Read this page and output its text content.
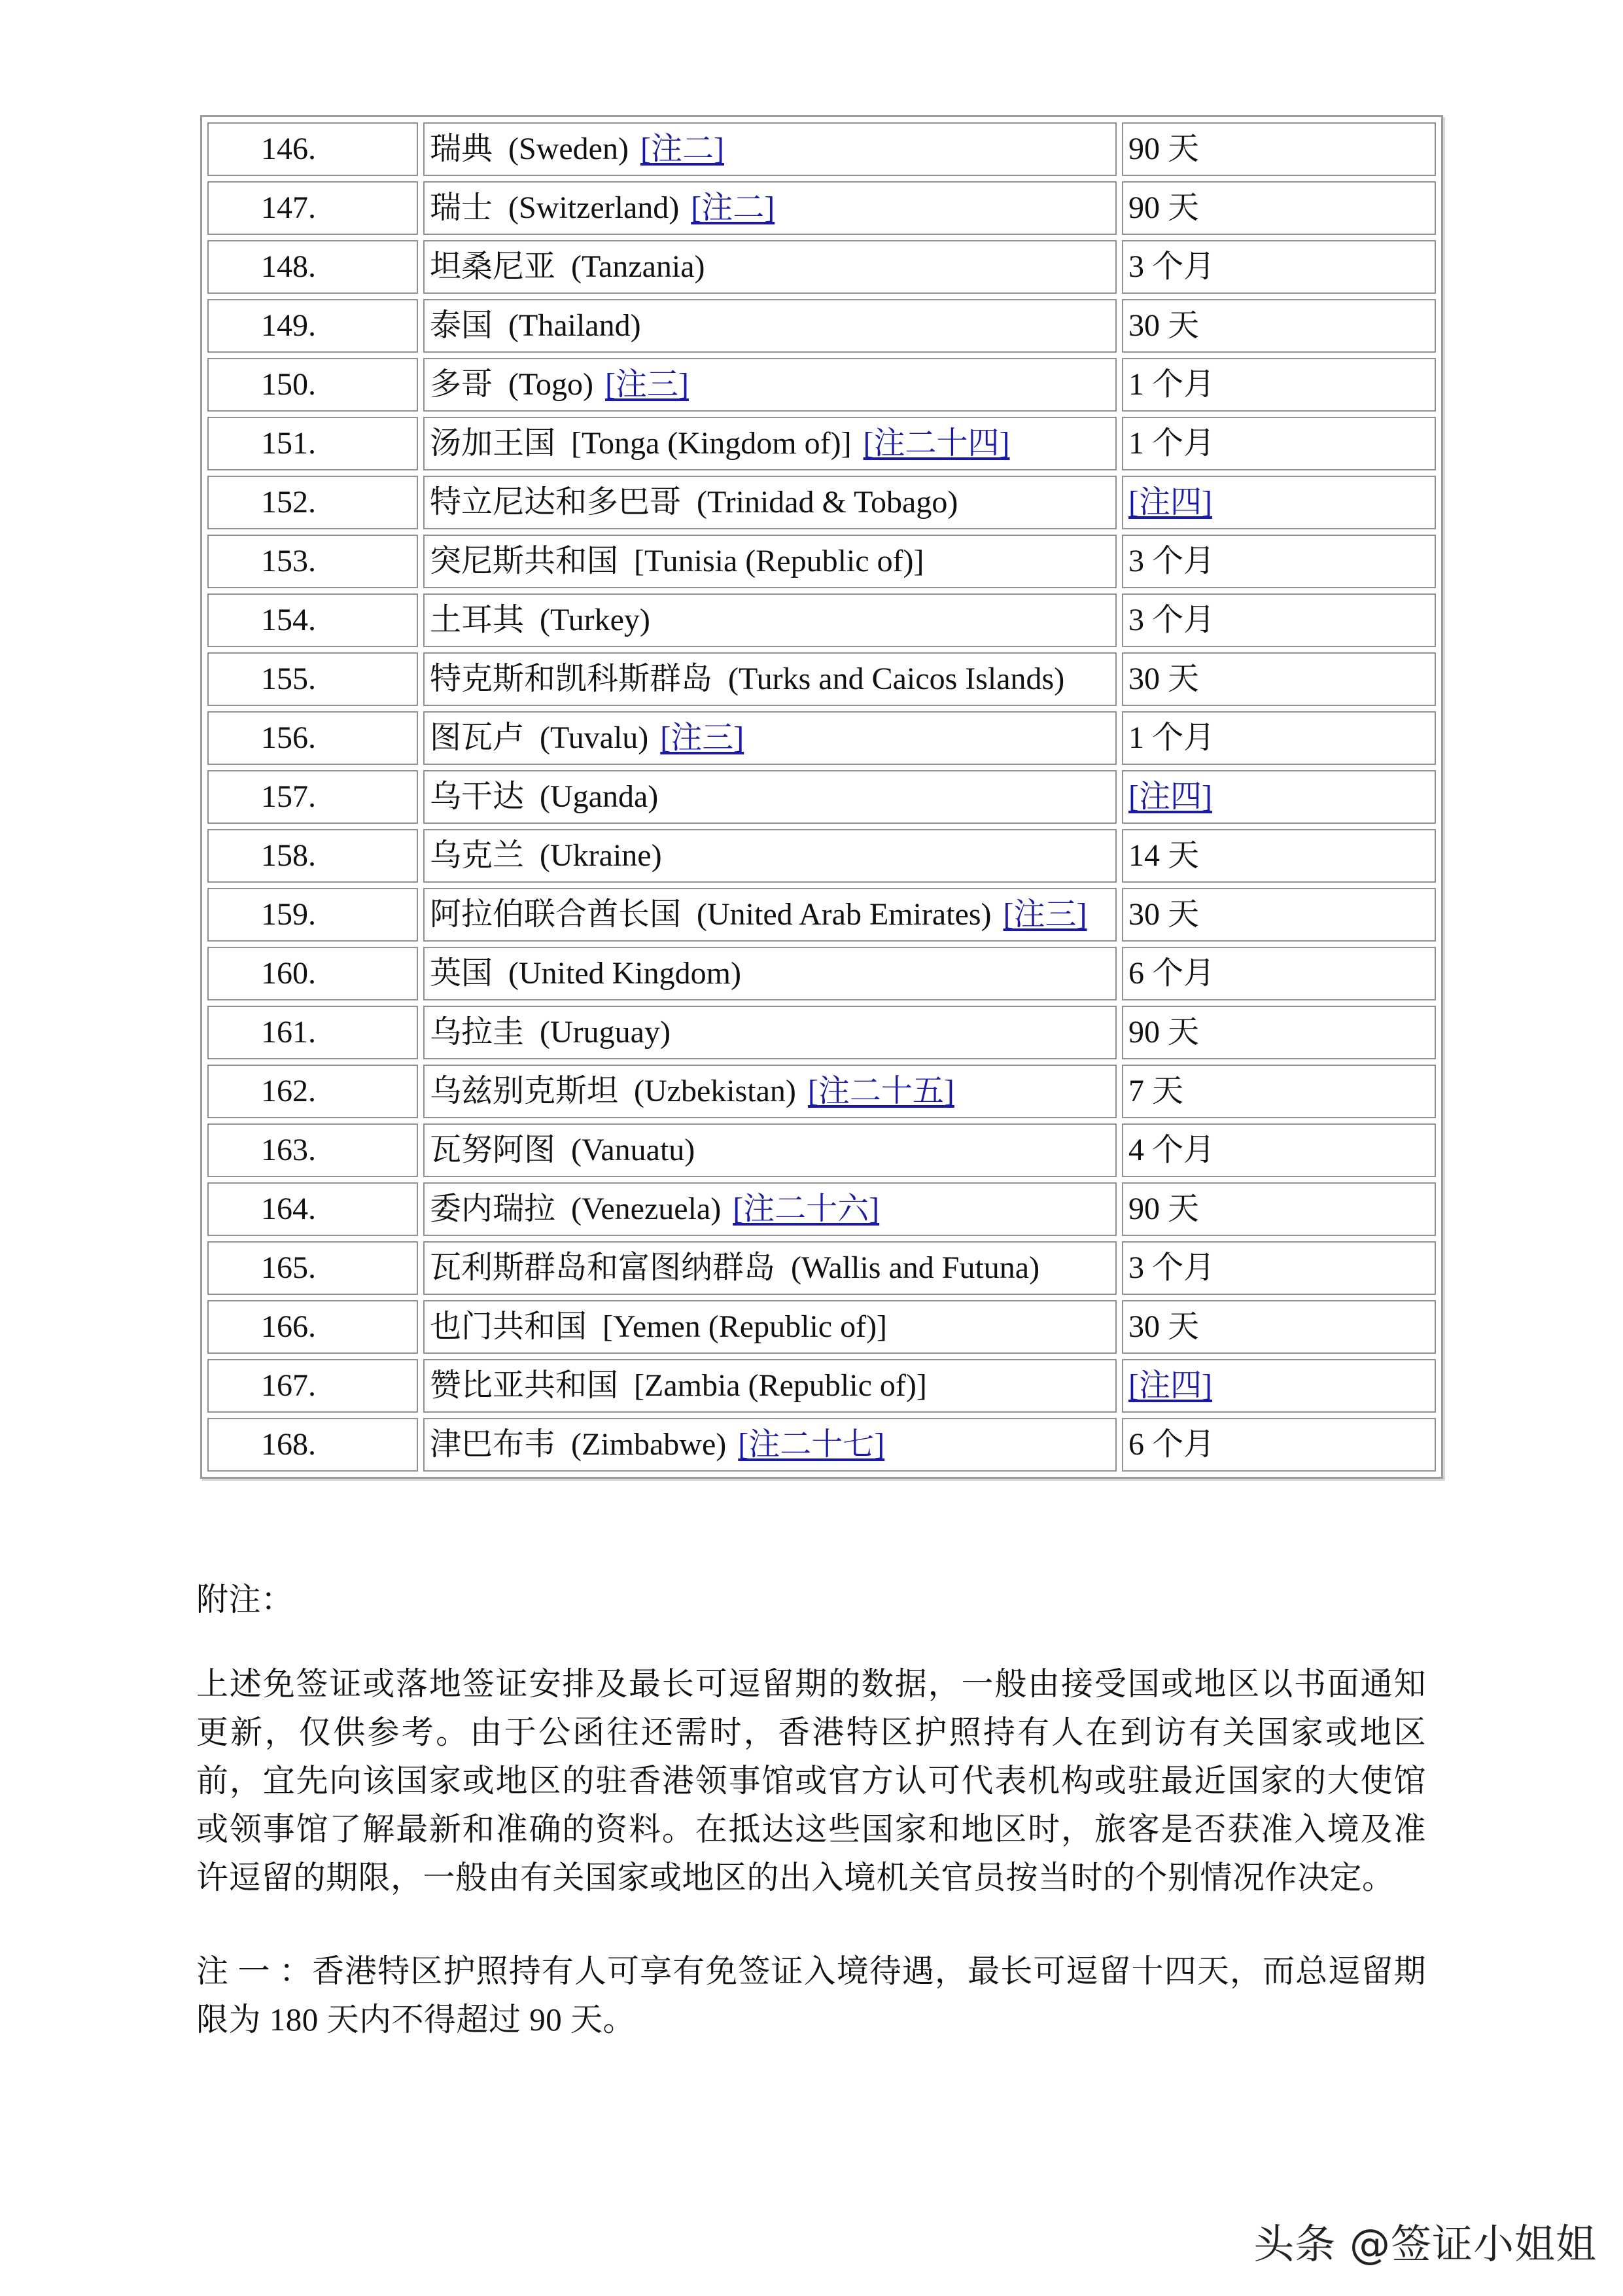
146.	瑞典 (Sweden) [注二]	90 天
147.	瑞士 (Switzerland) [注二]	90 天
148.	坦桑尼亚 (Tanzania)	3 个月
149.	泰国 (Thailand)	30 天
150.	多哥 (Togo) [注三]	1 个月
151.	汤加王国 [Tonga (Kingdom of)] [注二十四]	1 个月
152.	特立尼达和多巴哥 (Trinidad & Tobago)	[注四]
153.	突尼斯共和国 [Tunisia (Republic of)]	3 个月
154.	土耳其 (Turkey)	3 个月
155.	特克斯和凯科斯群岛 (Turks and Caicos Islands)	30 天
156.	图瓦卢 (Tuvalu) [注三]	1 个月
157.	乌干达 (Uganda)	[注四]
158.	乌克兰 (Ukraine)	14 天
159.	阿拉伯联合酋长国 (United Arab Emirates) [注三]	30 天
160.	英国 (United Kingdom)	6 个月
161.	乌拉圭 (Uruguay)	90 天
162.	乌兹别克斯坦 (Uzbekistan) [注二十五]	7 天
163.	瓦努阿图 (Vanuatu)	4 个月
164.	委内瑞拉 (Venezuela) [注二十六]	90 天
165.	瓦利斯群岛和富图纳群岛 (Wallis and Futuna)	3 个月
166.	也门共和国 [Yemen (Republic of)]	30 天
167.	赞比亚共和国 [Zambia (Republic of)]	[注四]
168.	津巴布韦 (Zimbabwe) [注二十七]	6 个月
附注：
上述免签证或落地签证安排及最长可逗留期的数据，一般由接受国或地区以书面通知更新，仅供参考。由于公函往还需时，香港特区护照持有人在到访有关国家或地区前，宜先向该国家或地区的驻香港领事馆或官方认可代表机构或驻最近国家的大使馆或领事馆了解最新和准确的资料。在抵达这些国家和地区时，旅客是否获准入境及准许逗留的期限，一般由有关国家或地区的出入境机关官员按当时的个别情况作决定。
注 一 ：香港特区护照持有人可享有免签证入境待遇，最长可逗留十四天，而总逗留期限为 180 天内不得超过 90 天。
头条 @签证小姐姐
